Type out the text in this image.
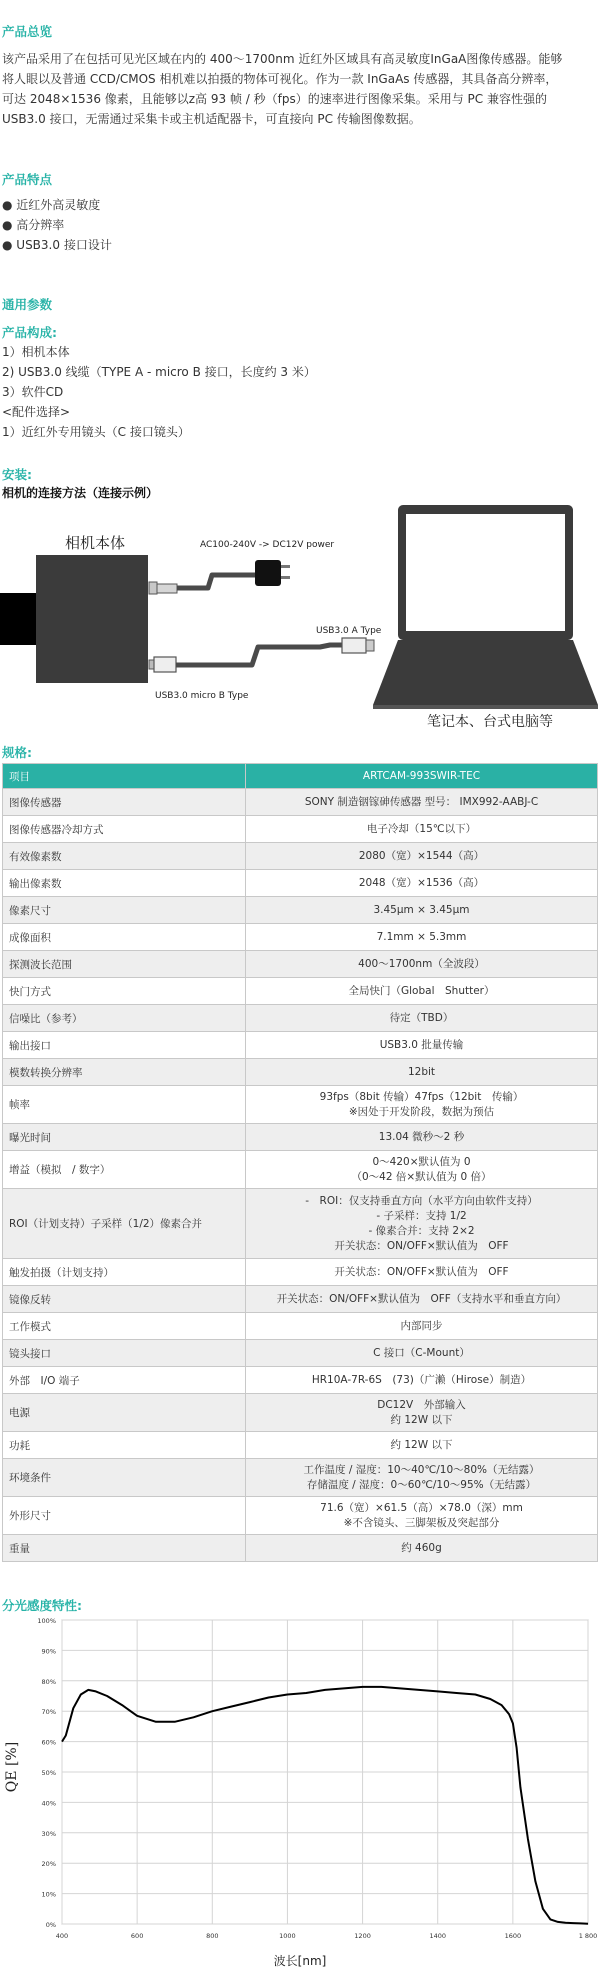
产品总览
该产品采用了在包括可见光区域在内的 400～1700nm 近红外区域具有高灵敏度InGaA图像传感器。能够
将人眼以及普通 CCD/CMOS 相机难以拍摄的物体可视化。作为一款 InGaAs 传感器，其具备高分辨率，
可达 2048×1536 像素，且能够以z高 93 帧 / 秒（fps）的速率进行图像采集。采用与 PC 兼容性强的
USB3.0 接口，无需通过采集卡或主机适配器卡，可直接向 PC 传输图像数据。
产品特点
● 近红外高灵敏度
● 高分辨率
● USB3.0 接口设计
通用参数
产品构成:
1）相机本体
2) USB3.0 线缆（TYPE A - micro B 接口，长度约 3 米）
3）软件CD
<配件选择>
1）近红外专用镜头（C 接口镜头）
安装:
相机的连接方法（连接示例）
相机本体	AC100-240V -> DC12V power
USB3.0 A Type
USB3.0 micro B Type
笔记本、台式电脑等
规格:
项目	ARTCAM-993SWIR-TEC
图像传感器	SONY 制造铟镓砷传感器 型号： IMX992-AABJ-C

图像传感器冷却方式	电子冷却（15℃以下）

有效像素数	2080（宽）×1544（高）

输出像素数	2048（宽）×1536（高）

像素尺寸	3.45μm × 3.45μm

成像面积	7.1mm × 5.3mm

探测波长范围	400～1700nm（全波段）

快门方式	全局快门（Global　Shutter）

信噪比（参考）	待定（TBD）

输出接口	USB3.0 批量传输

模数转换分辨率	12bit

帧率	93fps（8bit 传输）47fps（12bit　传输）
※因处于开发阶段，数据为预估

曝光时间	13.04 微秒～2 秒

增益（模拟　/ 数字）	0～420×默认值为 0
（0～42 倍×默认值为 0 倍）

ROI（计划支持）子采样（1/2）像素合并	-　ROI：仅支持垂直方向（水平方向由软件支持）
- 子采样：支持 1/2
- 像素合并：支持 2×2
开关状态：ON/OFF×默认值为　OFF

触发拍摄（计划支持）	开关状态：ON/OFF×默认值为　OFF

镜像反转	开关状态：ON/OFF×默认值为　OFF（支持水平和垂直方向）

工作模式	内部同步

镜头接口	C 接口（C-Mount）

外部　I/O 端子	HR10A-7R-6S　(73)（广濑（Hirose）制造）

电源	DC12V　外部输入
约 12W 以下

功耗	约 12W 以下

环境条件	工作温度 / 湿度：10～40℃/10～80%（无结露）
存储温度 / 湿度：0～60℃/10～95%（无结露）

外形尺寸	71.6（宽）×61.5（高）×78.0（深）mm
※不含镜头、三脚架板及突起部分

重量	约 460g
分光感度特性:
0%
10%
20%
30%
40%
50%
60%
70%
80%
90%
100%
400	600	800	1000	1200	1400	1600	1 800
QE [%]
波长[nm]
